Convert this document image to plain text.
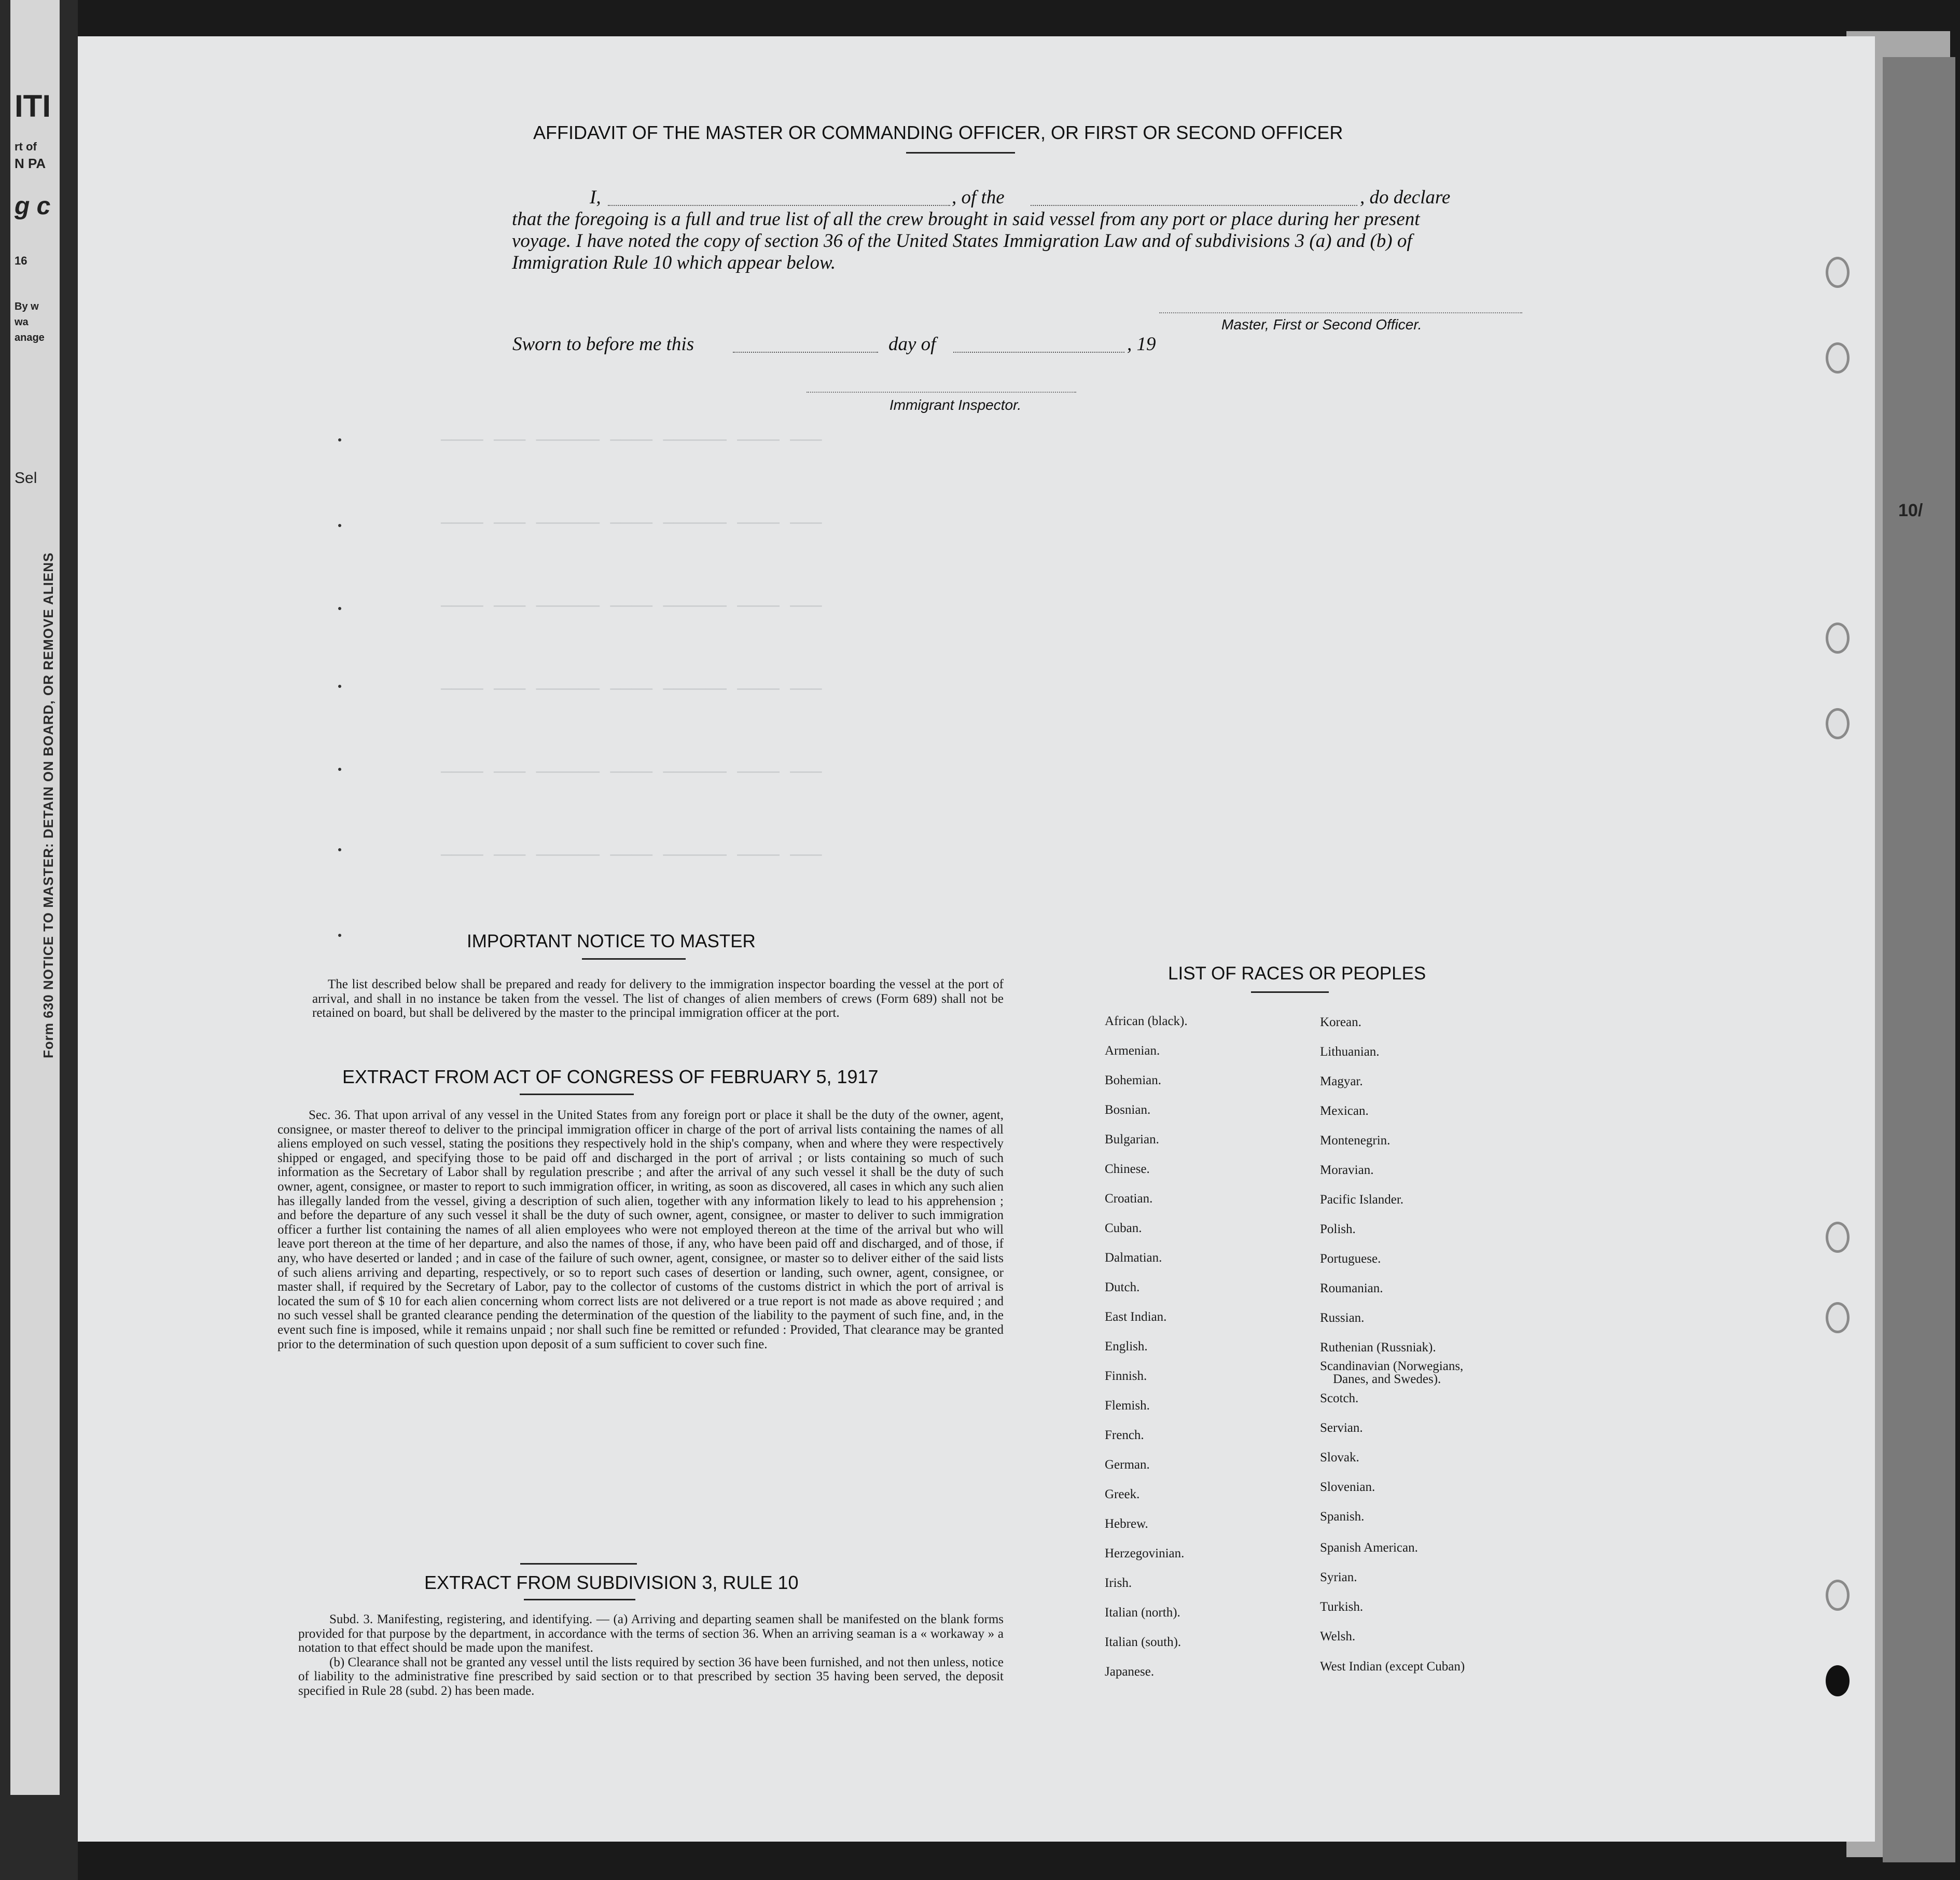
ITI
rt of
N PA
g c
16
By w
wa
anage
Sel
Form 630 NOTICE TO MASTER: DETAIN ON BOARD, OR REMOVE ALIENS
10/
———— ——— —————— ———— —————— ———— ———
———— ——— —————— ———— —————— ———— ———
———— ——— —————— ———— —————— ———— ———
———— ——— —————— ———— —————— ———— ———
———— ——— —————— ———— —————— ———— ———
———— ——— —————— ———— —————— ———— ———
AFFIDAVIT OF THE MASTER OR COMMANDING OFFICER, OR FIRST OR SECOND OFFICER
I,	, of the	, do declare
that the foregoing is a full and true list of all the crew brought in said vessel from any port or place during her present
voyage. I have noted the copy of section 36 of the United States Immigration Law and of subdivisions 3 (a) and (b) of
Immigration Rule 10 which appear below.
Master, First or Second Officer.
Sworn to before me this	day of	, 19
Immigrant Inspector.
IMPORTANT NOTICE TO MASTER

The list described below shall be prepared and ready for delivery to the immigration inspector boarding the vessel at the port of arrival, and shall in no instance be taken from the vessel. The list of changes of alien members of crews (Form 689) shall not be retained on board, but shall be delivered by the master to the principal immigration officer at the port.

EXTRACT FROM ACT OF CONGRESS OF FEBRUARY 5, 1917

Sec. 36. That upon arrival of any vessel in the United States from any foreign port or place it shall be the duty of the owner, agent, consignee, or master thereof to deliver to the principal immigration officer in charge of the port of arrival lists containing the names of all aliens employed on such vessel, stating the positions they respectively hold in the ship's company, when and where they were respectively shipped or engaged, and specifying those to be paid off and discharged in the port of arrival ; or lists containing so much of such information as the Secretary of Labor shall by regulation prescribe ; and after the arrival of any such vessel it shall be the duty of such owner, agent, consignee, or master to report to such immigration officer, in writing, as soon as discovered, all cases in which any such alien has illegally landed from the vessel, giving a description of such alien, together with any information likely to lead to his apprehension ; and before the departure of any such vessel it shall be the duty of such owner, agent, consignee, or master to deliver to such immigration officer a further list containing the names of all alien employees who were not employed thereon at the time of the arrival but who will leave port thereon at the time of her departure, and also the names of those, if any, who have been paid off and discharged, and of those, if any, who have deserted or landed ; and in case of the failure of such owner, agent, consignee, or master so to deliver either of the said lists of such aliens arriving and departing, respectively, or so to report such cases of desertion or landing, such owner, agent, consignee, or master shall, if required by the Secretary of Labor, pay to the collector of customs of the customs district in which the port of arrival is located the sum of $ 10 for each alien concerning whom correct lists are not delivered or a true report is not made as above required ; and no such vessel shall be granted clearance pending the determination of the question of the liability to the payment of such fine, and, in the event such fine is imposed, while it remains unpaid ; nor shall such fine be remitted or refunded : Provided, That clearance may be granted prior to the determination of such question upon deposit of a sum sufficient to cover such fine.

EXTRACT FROM SUBDIVISION 3, RULE 10

Subd. 3. Manifesting, registering, and identifying. — (a) Arriving and departing seamen shall be manifested on the blank forms provided for that purpose by the department, in accordance with the terms of section 36. When an arriving seaman is a « workaway » a notation to that effect should be made upon the manifest.

(b) Clearance shall not be granted any vessel until the lists required by section 36 have been furnished, and not then unless, notice of liability to the administrative fine prescribed by said section or to that prescribed by section 35 having been served, the deposit specified in Rule 28 (subd. 2) has been made.

LIST OF RACES OR PEOPLES
African (black).
Armenian.
Bohemian.
Bosnian.
Bulgarian.
Chinese.
Croatian.
Cuban.
Dalmatian.
Dutch.
East Indian.
English.
Finnish.
Flemish.
French.
German.
Greek.
Hebrew.
Herzegovinian.
Irish.
Italian (north).
Italian (south).
Japanese.
Korean.
Lithuanian.
Magyar.
Mexican.
Montenegrin.
Moravian.
Pacific Islander.
Polish.
Portuguese.
Roumanian.
Russian.
Ruthenian (Russniak).
Scandinavian (Norwegians,
Danes, and Swedes).
Scotch.
Servian.
Slovak.
Slovenian.
Spanish.
Spanish American.
Syrian.
Turkish.
Welsh.
West Indian (except Cuban)
